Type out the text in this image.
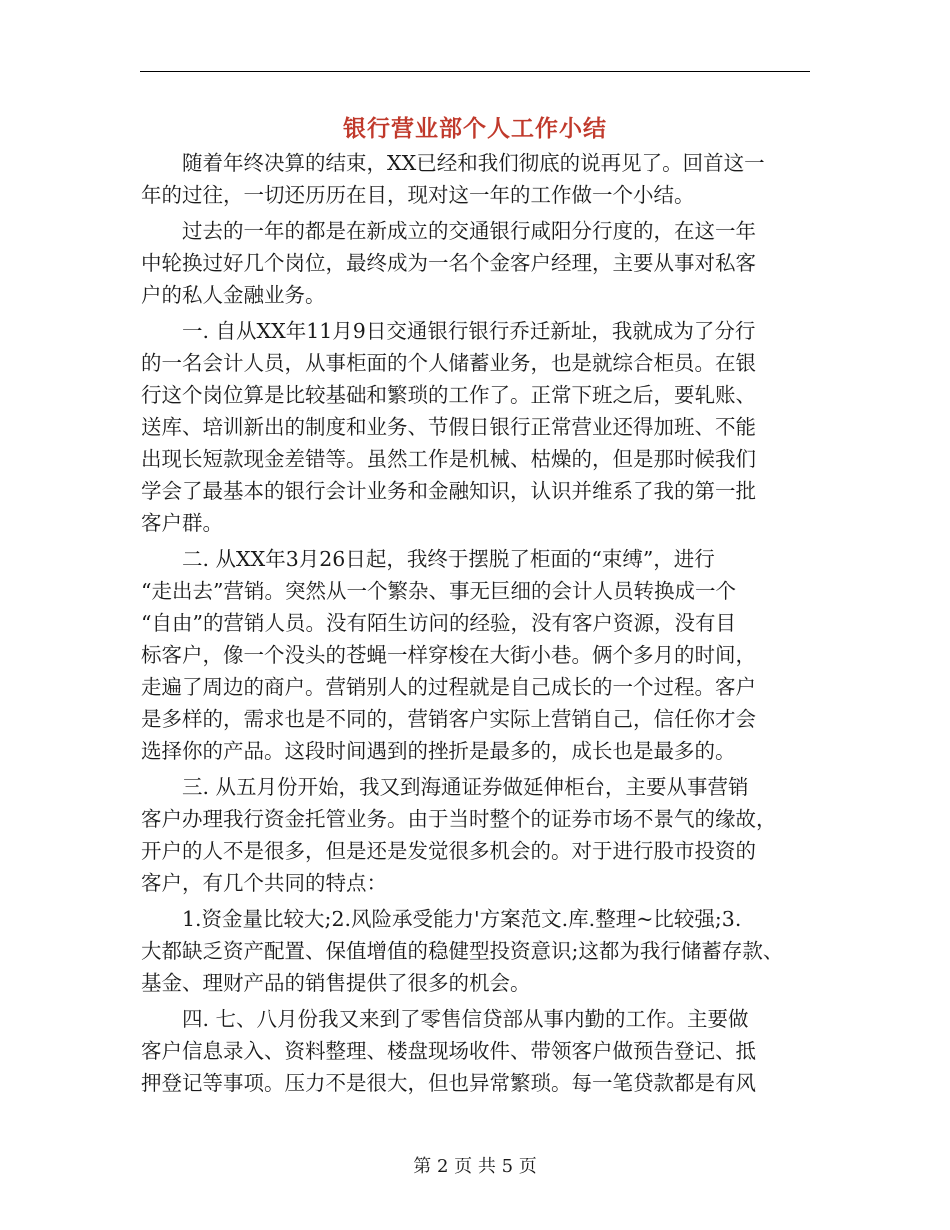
银行营业部个人工作小结
　　随着年终决算的结束，XX已经和我们彻底的说再见了。回首这一
年的过往，一切还历历在目，现对这一年的工作做一个小结。
　　过去的一年的都是在新成立的交通银行咸阳分行度的，在这一年
中轮换过好几个岗位，最终成为一名个金客户经理，主要从事对私客
户的私人金融业务。
　　一. 自从XX年11月9日交通银行银行乔迁新址，我就成为了分行
的一名会计人员，从事柜面的个人储蓄业务，也是就综合柜员。在银
行这个岗位算是比较基础和繁琐的工作了。正常下班之后，要轧账、
送库、培训新出的制度和业务、节假日银行正常营业还得加班、不能
出现长短款现金差错等。虽然工作是机械、枯燥的，但是那时候我们
学会了最基本的银行会计业务和金融知识，认识并维系了我的第一批
客户群。
　　二. 从XX年3月26日起，我终于摆脱了柜面的“束缚”，进行
“走出去”营销。突然从一个繁杂、事无巨细的会计人员转换成一个
“自由”的营销人员。没有陌生访问的经验，没有客户资源，没有目
标客户，像一个没头的苍蝇一样穿梭在大街小巷。俩个多月的时间，
走遍了周边的商户。营销别人的过程就是自己成长的一个过程。客户
是多样的，需求也是不同的，营销客户实际上营销自己，信任你才会
选择你的产品。这段时间遇到的挫折是最多的，成长也是最多的。
　　三. 从五月份开始，我又到海通证券做延伸柜台，主要从事营销
客户办理我行资金托管业务。由于当时整个的证券市场不景气的缘故，
开户的人不是很多，但是还是发觉很多机会的。对于进行股市投资的
客户，有几个共同的特点：
　　1.资金量比较大;2.风险承受能力'方案范文.库.整理~比较强;3.
大都缺乏资产配置、保值增值的稳健型投资意识;这都为我行储蓄存款、
基金、理财产品的销售提供了很多的机会。
　　四. 七、八月份我又来到了零售信贷部从事内勤的工作。主要做
客户信息录入、资料整理、楼盘现场收件、带领客户做预告登记、抵
押登记等事项。压力不是很大，但也异常繁琐。每一笔贷款都是有风
第 2 页 共 5 页
